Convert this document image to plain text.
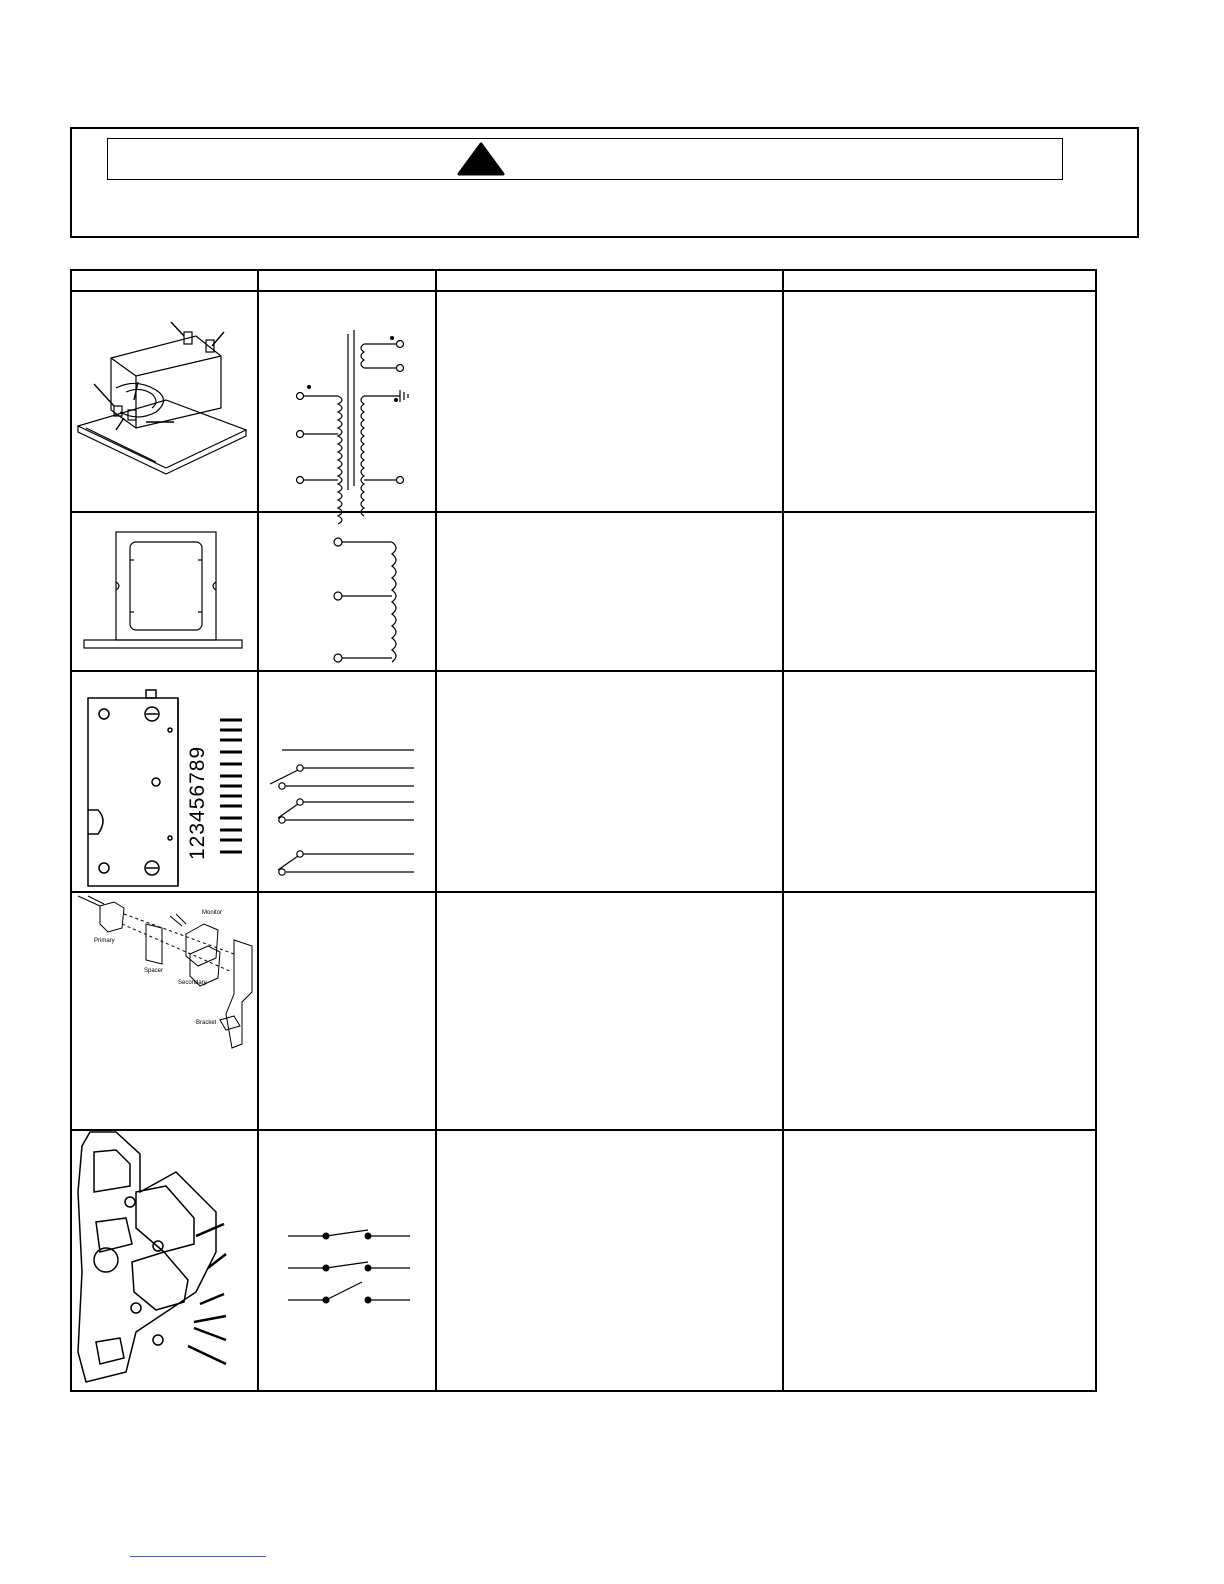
123456789
Primary
Spacer
Secondary
Monitor
Bracket
